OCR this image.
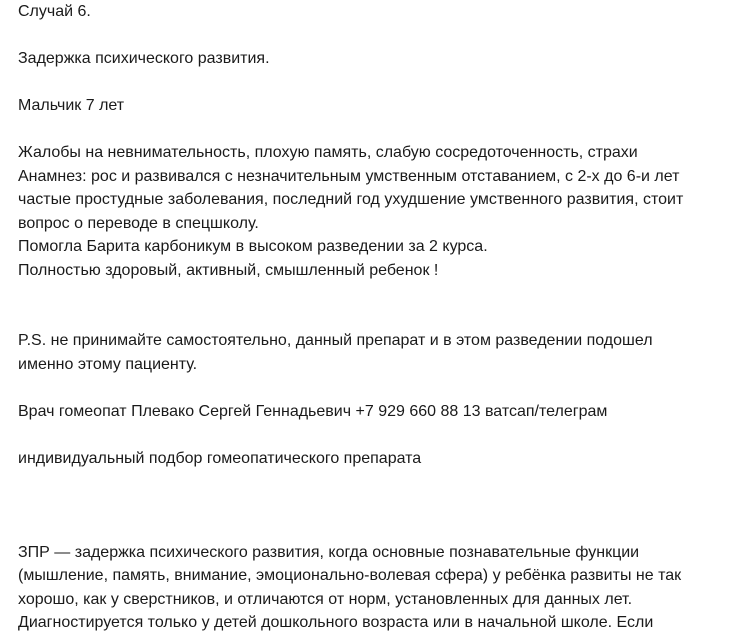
Случай 6.
Задержка психического развития.
Мальчик 7 лет
Жалобы на невнимательность, плохую память, слабую сосредоточенность, страхи
Анамнез: рос и развивался с незначительным умственным отставанием, с 2-х до 6-и лет
частые простудные заболевания, последний год ухудшение умственного развития, стоит
вопрос о переводе в спецшколу.
Помогла Барита карбоникум в высоком разведении за 2 курса.
Полностью здоровый, активный, смышленный ребенок !
P.S. не принимайте самостоятельно, данный препарат и в этом разведении подошел
именно этому пациенту.
Врач гомеопат Плевако Сергей Геннадьевич +7 929 660 88 13 ватсап/телеграм
индивидуальный подбор гомеопатического препарата
ЗПР — задержка психического развития, когда основные познавательные функции
(мышление, память, внимание, эмоционально-волевая сфера) у ребёнка развиты не так
хорошо, как у сверстников, и отличаются от норм, установленных для данных лет.
Диагностируется только у детей дошкольного возраста или в начальной школе. Если
